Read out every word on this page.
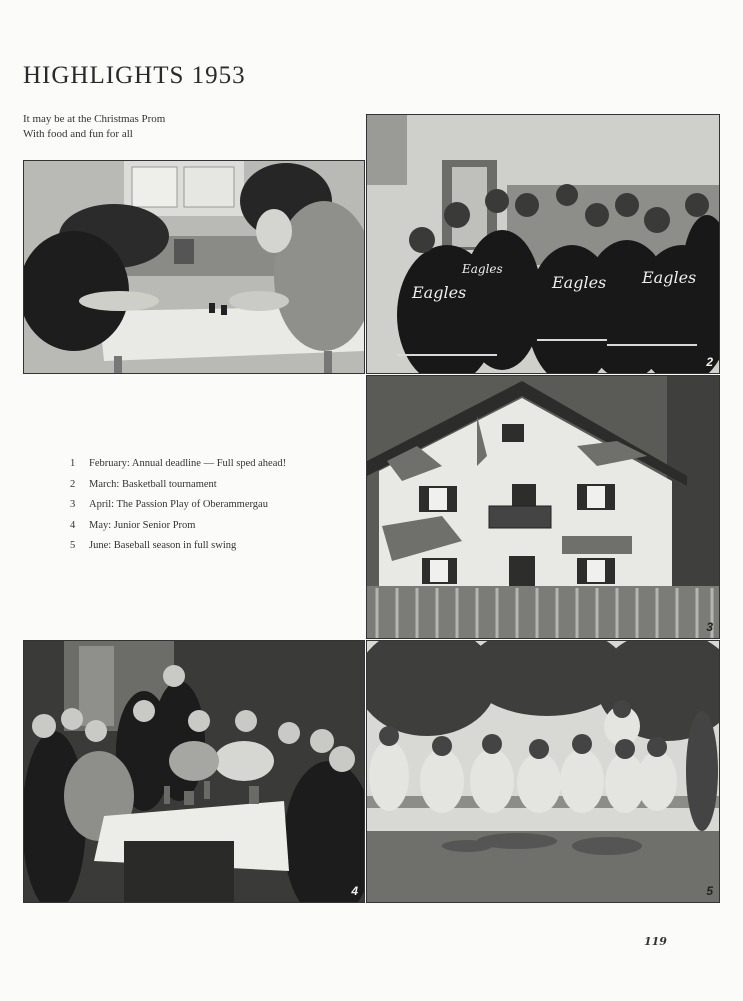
HIGHLIGHTS 1953
It may be at the Christmas Prom
With food and fun for all
Eagles
Eagles Eagles
Eagles
2
1	February: Annual deadline — Full sped ahead!
2	March: Basketball tournament
3	April: The Passion Play of Oberammergau
4	May: Junior Senior Prom
5	June: Baseball season in full swing
3
4	5
119
